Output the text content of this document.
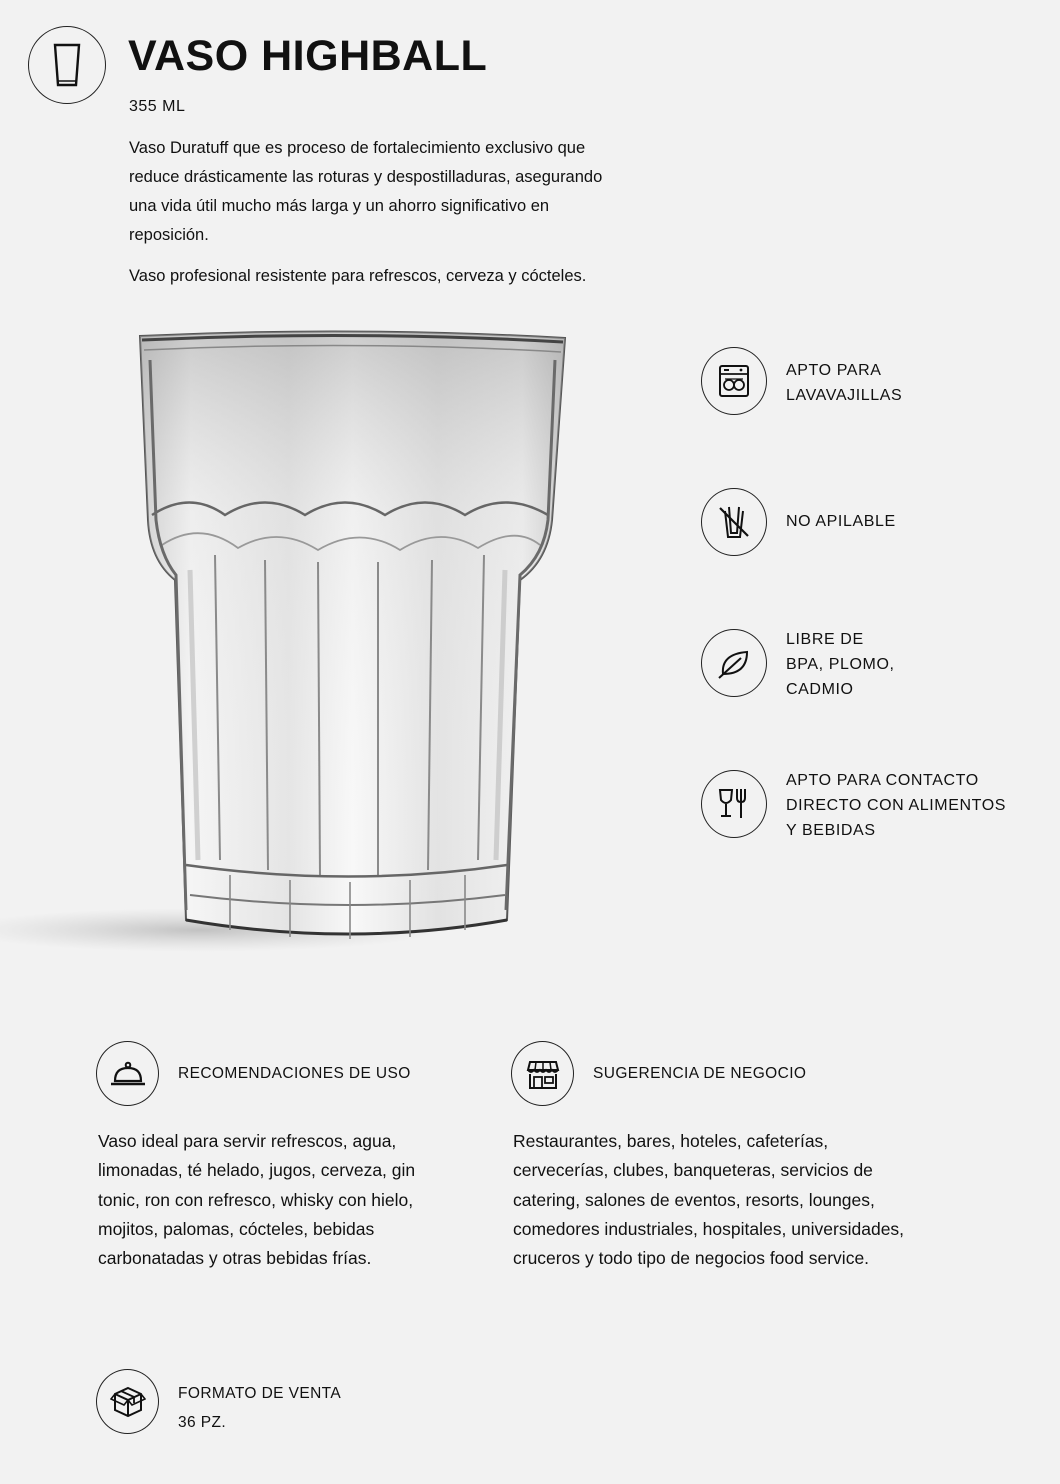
VASO HIGHBALL
355 ML

Vaso Duratuff que es proceso de fortalecimiento exclusivo que reduce drásticamente las roturas y despostilladuras, asegurando una vida útil mucho más larga y un ahorro significativo en reposición.

Vaso profesional resistente para refrescos, cerveza y cócteles.

APTO PARA
LAVAVAJILLAS
NO APILABLE
LIBRE DE
BPA, PLOMO,
CADMIO
APTO PARA CONTACTO
DIRECTO CON ALIMENTOS
Y BEBIDAS
RECOMENDACIONES DE USO

Vaso ideal para servir refrescos, agua, limonadas, té helado, jugos, cerveza, gin tonic, ron con refresco, whisky con hielo, mojitos, palomas, cócteles, bebidas carbonatadas y otras bebidas frías.

SUGERENCIA DE NEGOCIO

Restaurantes, bares, hoteles, cafeterías, cervecerías, clubes, banqueteras, servicios de catering, salones de eventos, resorts, lounges, comedores industriales, hospitales, universidades, cruceros y todo tipo de negocios food service.

FORMATO DE VENTA
36 PZ.
